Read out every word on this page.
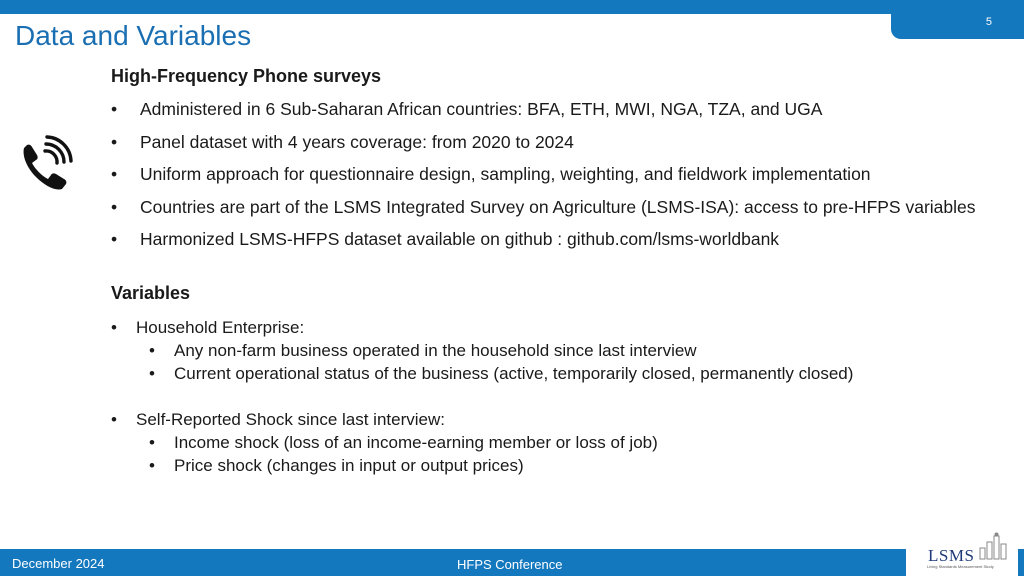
5
Data and Variables
High-Frequency Phone surveys
• Administered in 6 Sub-Saharan African countries: BFA, ETH, MWI, NGA, TZA, and UGA
• Panel dataset with 4 years coverage: from 2020 to 2024
• Uniform approach for questionnaire design, sampling, weighting, and fieldwork implementation
• Countries are part of the LSMS Integrated Survey on Agriculture (LSMS-ISA): access to pre-HFPS variables
• Harmonized LSMS-HFPS dataset available on github : github.com/lsms-worldbank
Variables
• Household Enterprise:
• Any non-farm business operated in the household since last interview
• Current operational status of the business (active, temporarily closed, permanently closed)
• Self-Reported Shock since last interview:
• Income shock (loss of an income-earning member or loss of job)
• Price shock (changes in input or output prices)
December 2024	HFPS Conference	LSMS
Living Standards Measurement Study
